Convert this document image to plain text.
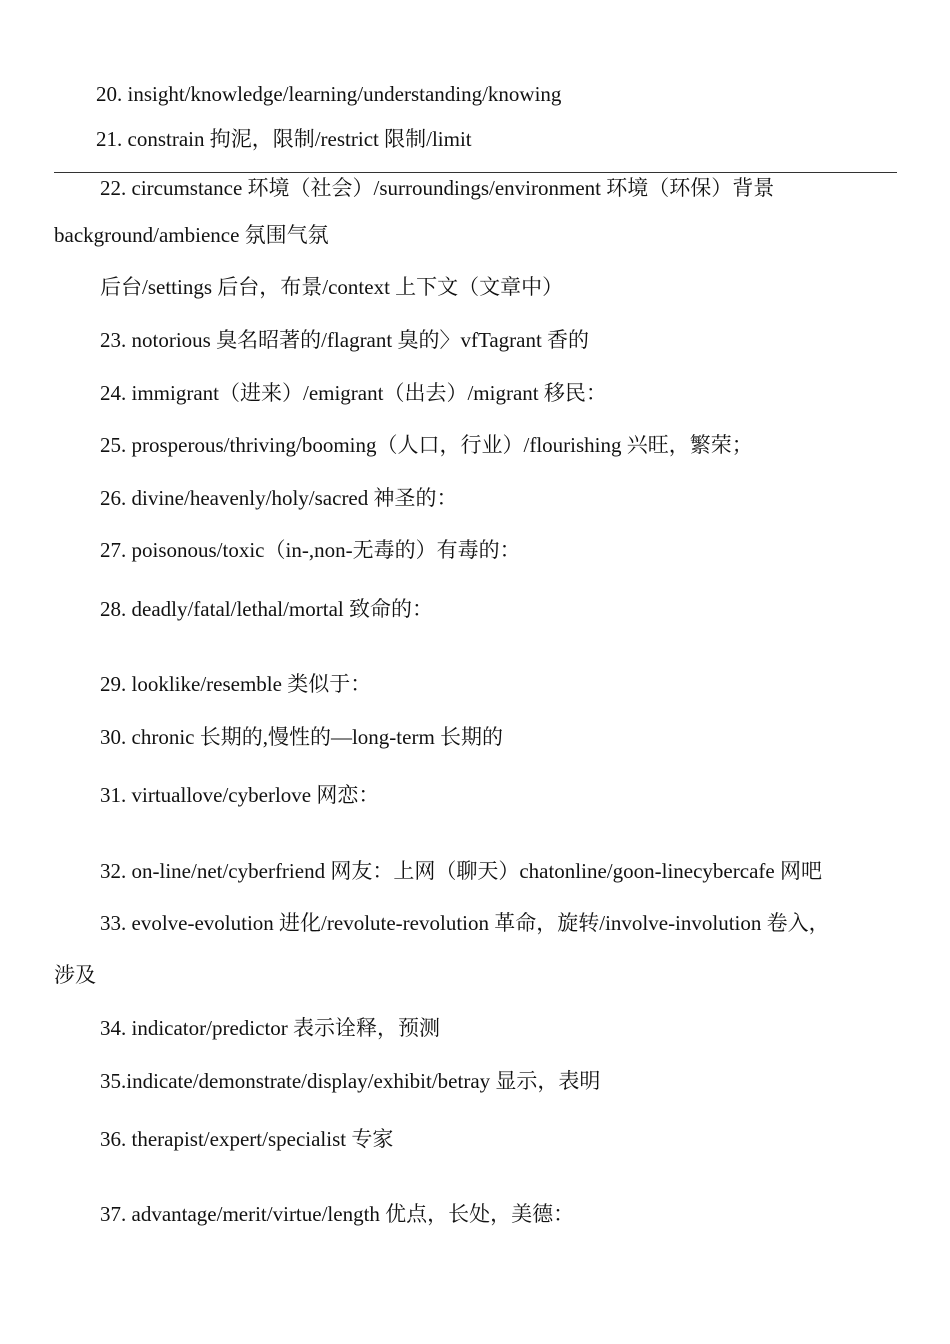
20. insight/knowledge/learning/understanding/knowing
21. constrain 拘泥，限制/restrict 限制/limit
22. circumstance 环境（社会）/surroundings/environment 环境（环保）背景
background/ambience 氛围气氛
后台/settings 后台，布景/context 上下文（文章中）
23. notorious 臭名昭著的/flagrant 臭的〉vfTagrant 香的
24. immigrant（进来）/emigrant（出去）/migrant 移民：
25. prosperous/thriving/booming（人口，行业）/flourishing 兴旺，繁荣；
26. divine/heavenly/holy/sacred 神圣的：
27. poisonous/toxic（in-,non-无毒的）有毒的：
28. deadly/fatal/lethal/mortal 致命的：
29. looklike/resemble 类似于：
30. chronic 长期的,慢性的—long-term 长期的
31. virtuallove/cyberlove 网恋：
32. on-line/net/cyberfriend 网友：上网（聊天）chatonline/goon-linecybercafe 网吧
33. evolve-evolution 进化/revolute-revolution 革命，旋转/involve-involution 卷入，
涉及
34. indicator/predictor 表示诠释，预测
35.indicate/demonstrate/display/exhibit/betray 显示，表明
36. therapist/expert/specialist 专家
37. advantage/merit/virtue/length 优点，长处，美德：
